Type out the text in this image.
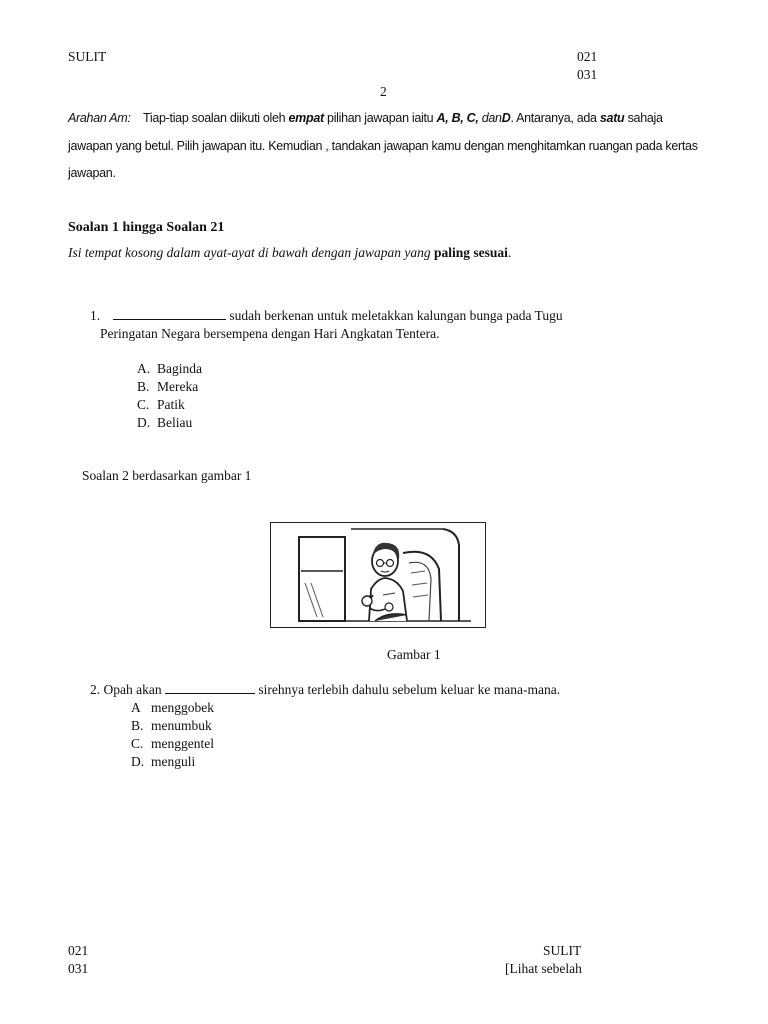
SULIT	021
031
2
Arahan Am: Tiap-tiap soalan diikuti oleh empat pilihan jawapan iaitu A, B, C, danD. Antaranya, ada satu sahaja
jawapan yang betul. Pilih jawapan itu. Kemudian , tandakan jawapan kamu dengan menghitamkan ruangan pada kertas
jawapan.
Soalan 1 hingga Soalan 21
Isi tempat kosong dalam ayat-ayat di bawah dengan jawapan yang paling sesuai.
1.	sudah berkenan untuk meletakkan kalungan bunga pada Tugu
Peringatan Negara bersempena dengan Hari Angkatan Tentera.
A. Baginda
B. Mereka
C. Patik
D. Beliau
Soalan 2 berdasarkan gambar 1
Gambar 1
2. Opah akan	sirehnya terlebih dahulu sebelum keluar ke mana-mana.
A menggobek
B. menumbuk
C. menggentel
D. menguli
021
031
SULIT
[Lihat sebelah
